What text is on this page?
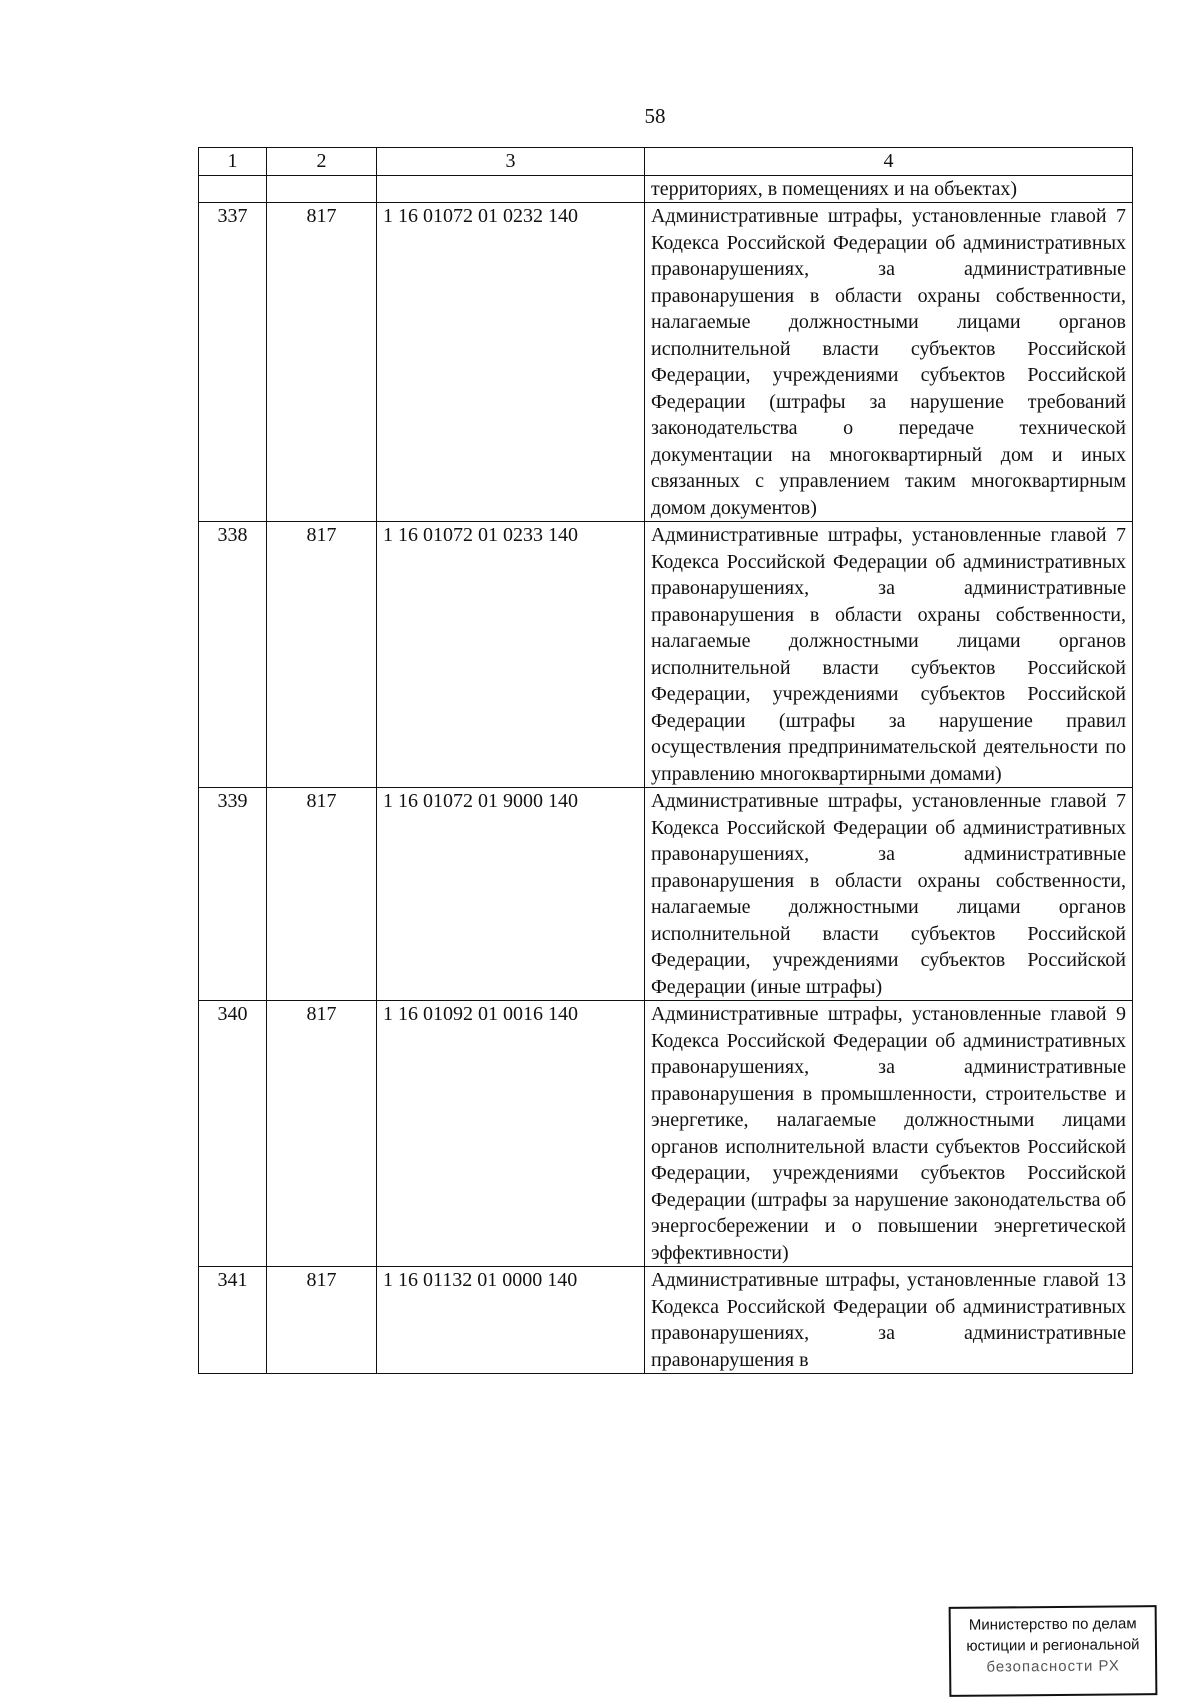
58
1	2	3	4
			территориях, в помещениях и на объектах)
337	817	1 16 01072 01 0232 140	Административные штрафы, установленные главой 7 Кодекса Российской Федерации об административных правонарушениях, за административные правонарушения в области охраны собственности, налагаемые должностными лицами органов исполнительной власти субъектов Российской Федерации, учреждениями субъектов Российской Федерации (штрафы за нарушение требований законодательства о передаче технической документации на многоквартирный дом и иных связанных с управлением таким многоквартирным домом документов)
338	817	1 16 01072 01 0233 140	Административные штрафы, установленные главой 7 Кодекса Российской Федерации об административных правонарушениях, за административные правонарушения в области охраны собственности, налагаемые должностными лицами органов исполнительной власти субъектов Российской Федерации, учреждениями субъектов Российской Федерации (штрафы за нарушение правил осуществления предпринимательской деятельности по управлению многоквартирными домами)
339	817	1 16 01072 01 9000 140	Административные штрафы, установленные главой 7 Кодекса Российской Федерации об административных правонарушениях, за административные правонарушения в области охраны собственности, налагаемые должностными лицами органов исполнительной власти субъектов Российской Федерации, учреждениями субъектов Российской Федерации (иные штрафы)
340	817	1 16 01092 01 0016 140	Административные штрафы, установленные главой 9 Кодекса Российской Федерации об административных правонарушениях, за административные правонарушения в промышленности, строительстве и энергетике, налагаемые должностными лицами органов исполнительной власти субъектов Российской Федерации, учреждениями субъектов Российской Федерации (штрафы за нарушение законодательства об энергосбережении и о повышении энергетической эффективности)
341	817	1 16 01132 01 0000 140	Административные штрафы, установленные главой 13 Кодекса Российской Федерации об административных правонарушениях, за административные правонарушения в
Министерство по делам
юстиции и региональной
безопасности РХ
